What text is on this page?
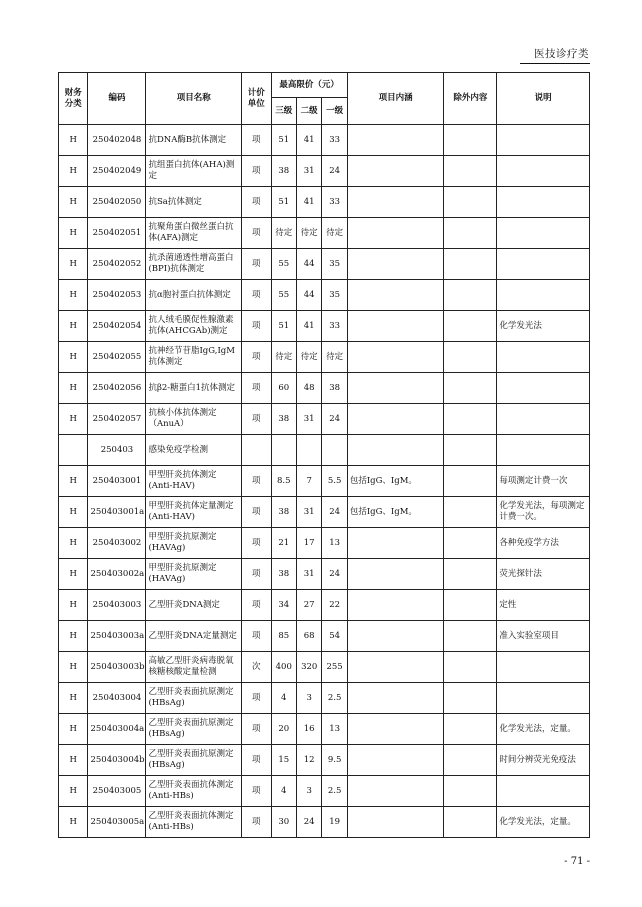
医技诊疗类
财务分类	编码	项目名称	计价单位	最高限价（元）			项目内涵	除外内容	说明
				三级	二级	一级			
H	250402048	抗DNA酶B抗体测定	项	51	41	33			
H	250402049	抗组蛋白抗体(AHA)测定	项	38	31	24			
H	250402050	抗Sa抗体测定	项	51	41	33			
H	250402051	抗聚角蛋白微丝蛋白抗体(AFA)测定	项	待定	待定	待定			
H	250402052	抗杀菌通透性增高蛋白(BPI)抗体测定	项	55	44	35			
H	250402053	抗α胞衬蛋白抗体测定	项	55	44	35			
H	250402054	抗人绒毛膜促性腺激素抗体(AHCGAb)测定	项	51	41	33			化学发光法
H	250402055	抗神经节苷脂IgG,IgM抗体测定	项	待定	待定	待定			
H	250402056	抗β2-糖蛋白1抗体测定	项	60	48	38			
H	250402057	抗核小体抗体测定（AnuA）	项	38	31	24			
	250403	感染免疫学检测							
H	250403001	甲型肝炎抗体测定(Anti-HAV)	项	8.5	7	5.5	包括IgG、IgM。		每项测定计费一次
H	250403001a	甲型肝炎抗体定量测定(Anti-HAV)	项	38	31	24	包括IgG、IgM。		化学发光法，每项测定计费一次。
H	250403002	甲型肝炎抗原测定(HAVAg)	项	21	17	13			各种免疫学方法
H	250403002a	甲型肝炎抗原测定(HAVAg)	项	38	31	24			荧光探针法
H	250403003	乙型肝炎DNA测定	项	34	27	22			定性
H	250403003a	乙型肝炎DNA定量测定	项	85	68	54			准入实验室项目
H	250403003b	高敏乙型肝炎病毒脱氧核糖核酸定量检测	次	400	320	255			
H	250403004	乙型肝炎表面抗原测定(HBsAg)	项	4	3	2.5			
H	250403004a	乙型肝炎表面抗原测定(HBsAg)	项	20	16	13			化学发光法，定量。
H	250403004b	乙型肝炎表面抗原测定(HBsAg)	项	15	12	9.5			时间分辨荧光免疫法
H	250403005	乙型肝炎表面抗体测定(Anti-HBs)	项	4	3	2.5			
H	250403005a	乙型肝炎表面抗体测定(Anti-HBs)	项	30	24	19			化学发光法，定量。
- 71 -
